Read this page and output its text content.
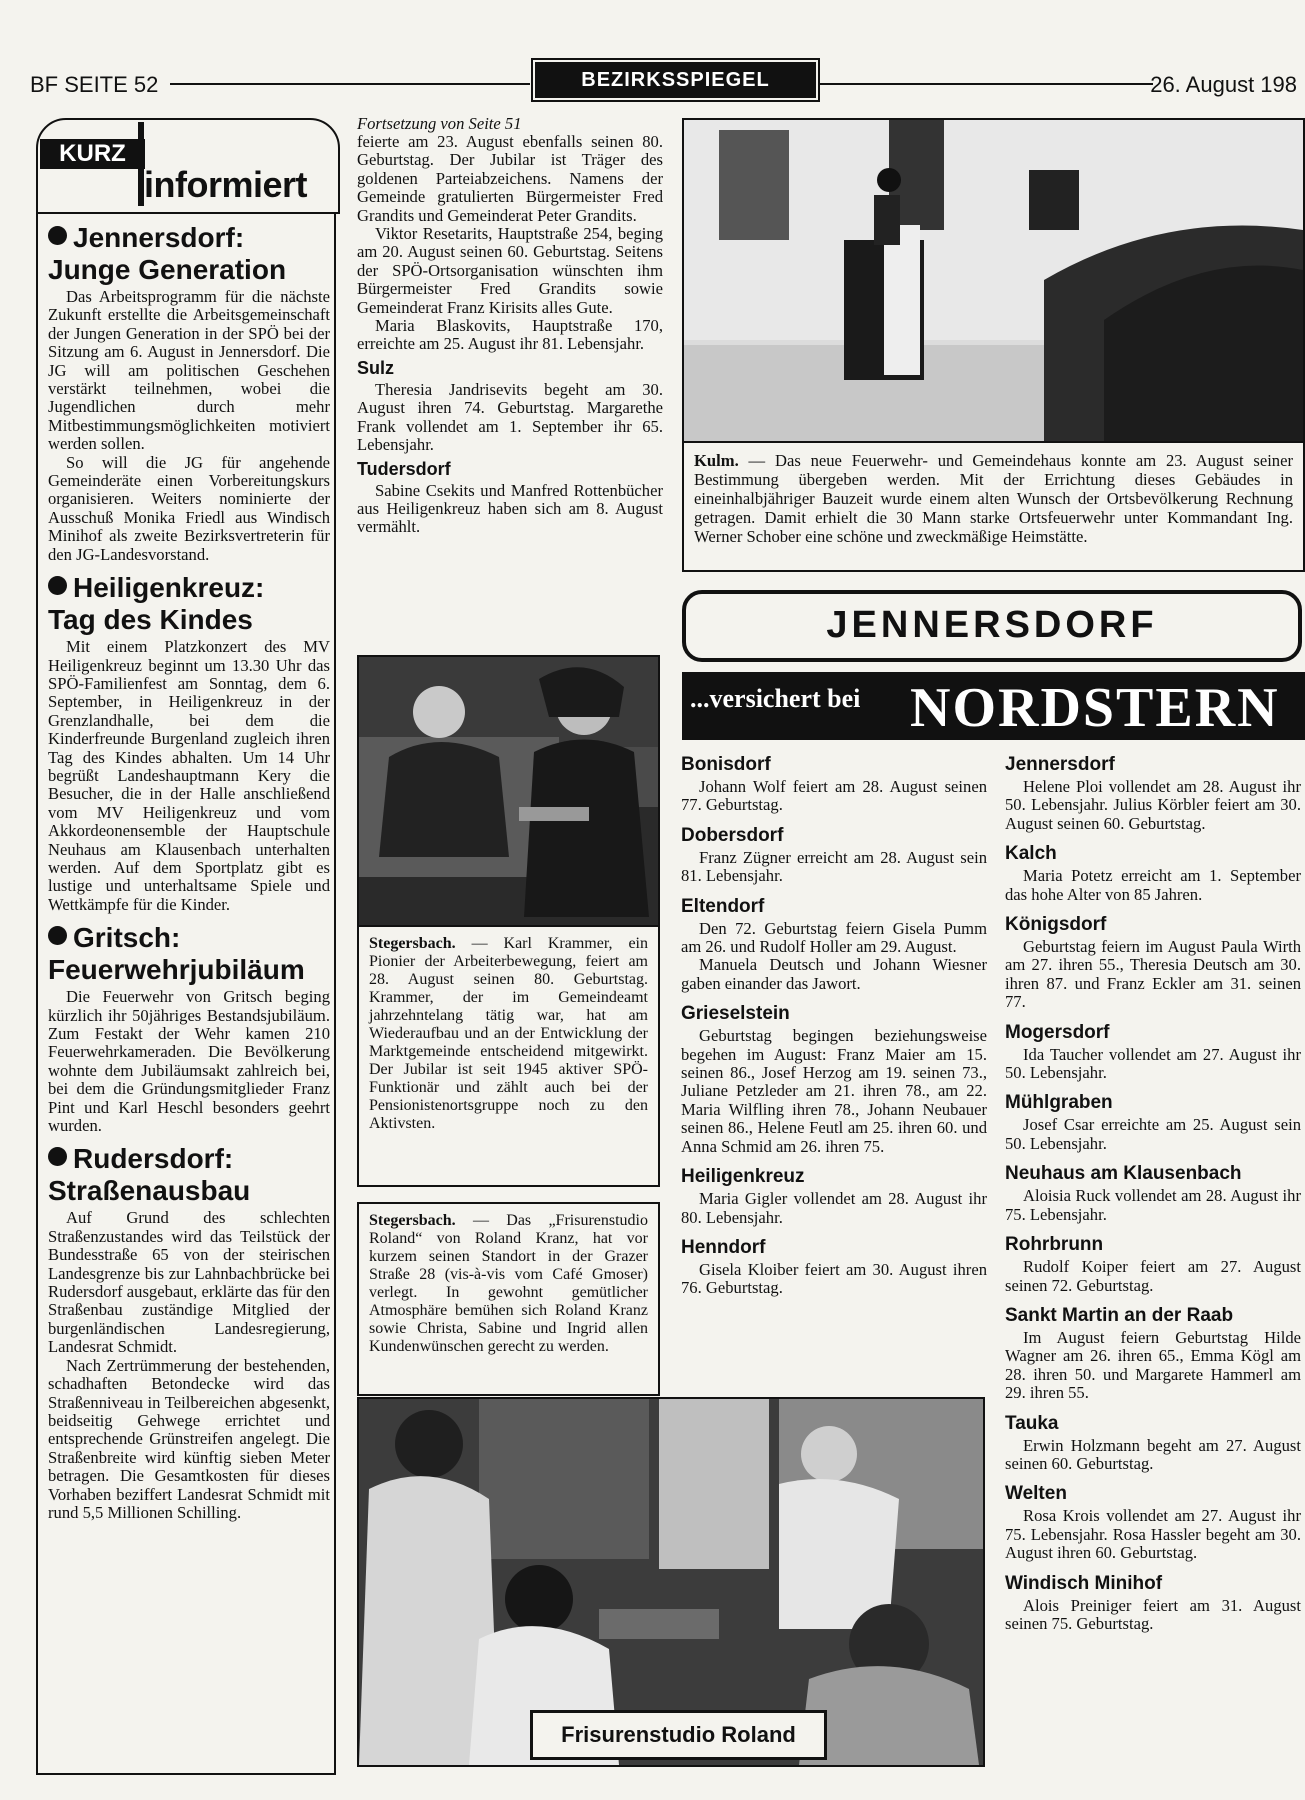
BF SEITE 52	BEZIRKSSPIEGEL	26. August 198
KURZ
informiert
Jennersdorf:
Junge Generation

Das Arbeitsprogramm für die nächste Zukunft erstellte die Arbeitsgemeinschaft der Jungen Generation in der SPÖ bei der Sitzung am 6. August in Jennersdorf. Die JG will am politischen Geschehen verstärkt teilnehmen, wobei die Jugendlichen durch mehr Mitbestimmungsmöglichkeiten motiviert werden sollen.

So will die JG für angehende Gemeinderäte einen Vorbereitungskurs organisieren. Weiters nominierte der Ausschuß Monika Friedl aus Windisch Minihof als zweite Bezirksvertreterin für den JG-Landesvorstand.

Heiligenkreuz:
Tag des Kindes

Mit einem Platzkonzert des MV Heiligenkreuz beginnt um 13.30 Uhr das SPÖ-Familienfest am Sonntag, dem 6. September, in Heiligenkreuz in der Grenzlandhalle, bei dem die Kinderfreunde Burgenland zugleich ihren Tag des Kindes abhalten. Um 14 Uhr begrüßt Landeshauptmann Kery die Besucher, die in der Halle anschließend vom MV Heiligenkreuz und vom Akkordeonensemble der Hauptschule Neuhaus am Klausenbach unterhalten werden. Auf dem Sportplatz gibt es lustige und unterhaltsame Spiele und Wettkämpfe für die Kinder.

Gritsch:
Feuerwehrjubiläum

Die Feuerwehr von Gritsch beging kürzlich ihr 50jähriges Bestandsjubiläum. Zum Festakt der Wehr kamen 210 Feuerwehrkameraden. Die Bevölkerung wohnte dem Jubiläumsakt zahlreich bei, bei dem die Gründungsmitglieder Franz Pint und Karl Heschl besonders geehrt wurden.

Rudersdorf:
Straßenausbau

Auf Grund des schlechten Straßenzustandes wird das Teilstück der Bundesstraße 65 von der steirischen Landesgrenze bis zur Lahnbachbrücke bei Rudersdorf ausgebaut, erklärte das für den Straßenbau zuständige Mitglied der burgenländischen Landesregierung, Landesrat Schmidt.

Nach Zertrümmerung der bestehenden, schadhaften Betondecke wird das Straßenniveau in Teilbereichen abgesenkt, beidseitig Gehwege errichtet und entsprechende Grünstreifen angelegt. Die Straßenbreite wird künftig sieben Meter betragen. Die Gesamtkosten für dieses Vorhaben beziffert Landesrat Schmidt mit rund 5,5 Millionen Schilling.

Fortsetzung von Seite 51

feierte am 23. August ebenfalls seinen 80. Geburtstag. Der Jubilar ist Träger des goldenen Parteiabzeichens. Namens der Gemeinde gratulierten Bürgermeister Fred Grandits und Gemeinderat Peter Grandits.

Viktor Resetarits, Hauptstraße 254, beging am 20. August seinen 60. Geburtstag. Seitens der SPÖ-Ortsorganisation wünschten ihm Bürgermeister Fred Grandits sowie Gemeinderat Franz Kirisits alles Gute.

Maria Blaskovits, Hauptstraße 170, erreichte am 25. August ihr 81. Lebensjahr.

Sulz

Theresia Jandrisevits begeht am 30. August ihren 74. Geburtstag. Margarethe Frank vollendet am 1. September ihr 65. Lebensjahr.

Tudersdorf

Sabine Csekits und Manfred Rottenbücher aus Heiligenkreuz haben sich am 8. August vermählt.

Stegersbach. — Karl Krammer, ein Pionier der Arbeiterbewegung, feiert am 28. August seinen 80. Geburtstag. Krammer, der im Gemeindeamt jahrzehntelang tätig war, hat am Wiederaufbau und an der Entwicklung der Marktgemeinde entscheidend mitgewirkt. Der Jubilar ist seit 1945 aktiver SPÖ-Funktionär und zählt auch bei der Pensionistenortsgruppe noch zu den Aktivsten.
Stegersbach. — Das „Frisurenstudio Roland“ von Roland Kranz, hat vor kurzem seinen Standort in der Grazer Straße 28 (vis-à-vis vom Café Gmoser) verlegt. In gewohnt gemütlicher Atmosphäre bemühen sich Roland Kranz sowie Christa, Sabine und Ingrid allen Kundenwünschen gerecht zu werden.
Kulm. — Das neue Feuerwehr- und Gemeindehaus konnte am 23. August seiner Bestimmung übergeben werden. Mit der Errichtung dieses Gebäudes in eineinhalbjähriger Bauzeit wurde einem alten Wunsch der Ortsbevölkerung Rechnung getragen. Damit erhielt die 30 Mann starke Ortsfeuerwehr unter Kommandant Ing. Werner Schober eine schöne und zweckmäßige Heimstätte.
JENNERSDORF
...versichert bei NORDSTERN
Bonisdorf
Johann Wolf feiert am 28. August seinen 77. Geburtstag.
Dobersdorf
Franz Zügner erreicht am 28. August sein 81. Lebensjahr.
Eltendorf
Den 72. Geburtstag feiern Gisela Pumm am 26. und Rudolf Holler am 29. August.
Manuela Deutsch und Johann Wiesner gaben einander das Jawort.
Grieselstein
Geburtstag begingen beziehungsweise begehen im August: Franz Maier am 15. seinen 86., Josef Herzog am 19. seinen 73., Juliane Petzleder am 21. ihren 78., am 22. Maria Wilfling ihren 78., Johann Neubauer seinen 86., Helene Feutl am 25. ihren 60. und Anna Schmid am 26. ihren 75.
Heiligenkreuz
Maria Gigler vollendet am 28. August ihr 80. Lebensjahr.
Henndorf
Gisela Kloiber feiert am 30. August ihren 76. Geburtstag.
Jennersdorf
Helene Ploi vollendet am 28. August ihr 50. Lebensjahr. Julius Körbler feiert am 30. August seinen 60. Geburtstag.
Kalch
Maria Potetz erreicht am 1. September das hohe Alter von 85 Jahren.
Königsdorf
Geburtstag feiern im August Paula Wirth am 27. ihren 55., Theresia Deutsch am 30. ihren 87. und Franz Eckler am 31. seinen 77.
Mogersdorf
Ida Taucher vollendet am 27. August ihr 50. Lebensjahr.
Mühlgraben
Josef Csar erreichte am 25. August sein 50. Lebensjahr.
Neuhaus am Klausenbach
Aloisia Ruck vollendet am 28. August ihr 75. Lebensjahr.
Rohrbrunn
Rudolf Koiper feiert am 27. August seinen 72. Geburtstag.
Sankt Martin an der Raab
Im August feiern Geburtstag Hilde Wagner am 26. ihren 65., Emma Kögl am 28. ihren 50. und Margarete Hammerl am 29. ihren 55.
Tauka
Erwin Holzmann begeht am 27. August seinen 60. Geburtstag.
Welten
Rosa Krois vollendet am 27. August ihr 75. Lebensjahr. Rosa Hassler begeht am 30. August ihren 60. Geburtstag.
Windisch Minihof
Alois Preiniger feiert am 31. August seinen 75. Geburtstag.
Frisurenstudio Roland
